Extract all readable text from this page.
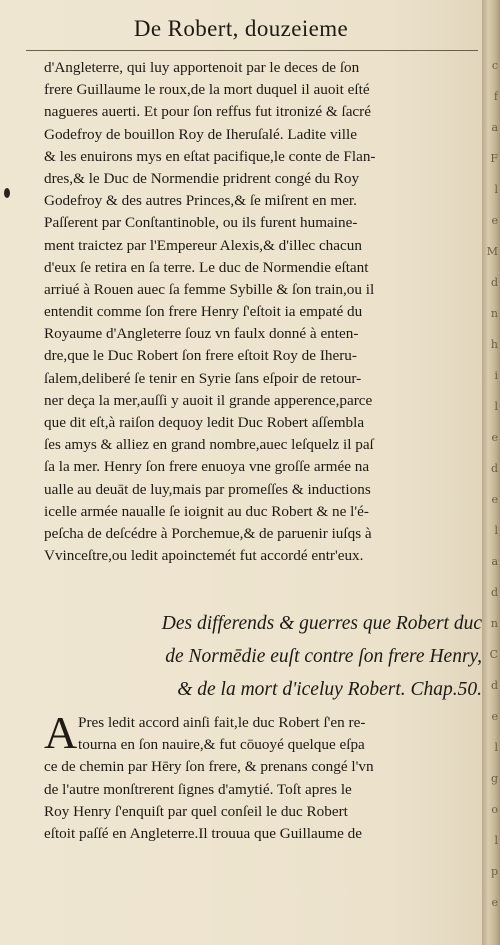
De Robert, douzeieme
d'Angleterre, qui luy apportenoit par le deces de ſon
frere Guillaume le roux,de la mort duquel il auoit eſté
nagueres auerti. Et pour ſon reffus fut itronizé & ſacré
Godefroy de bouillon Roy de Iheruſalé. Ladite ville
& les enuirons mys en eſtat pacifique,le conte de Flan-
dres,& le Duc de Normendie pridrent congé du Roy
Godefroy & des autres Princes,& ſe miſrent en mer.
Paſſerent par Conſtantinoble, ou ils furent humaine-
ment traictez par l'Empereur Alexis,& d'illec chacun
d'eux ſe retira en ſa terre. Le duc de Normendie eſtant
arriué à Rouen auec ſa femme Sybille & ſon train,ou il
entendit comme ſon frere Henry ſ'eſtoit ia empaté du
Royaume d'Angleterre ſouz vn faulx donné à enten-
dre,que le Duc Robert ſon frere eſtoit Roy de Iheru-
ſalem,deliberé ſe tenir en Syrie ſans eſpoir de retour-
ner deça la mer,auſſi y auoit il grande apperence,parce
que dit eſt,à raiſon dequoy ledit Duc Robert aſſembla
ſes amys & alliez en grand nombre,auec leſquelz il paſ
ſa la mer. Henry ſon frere enuoya vne groſſe armée na
ualle au deuāt de luy,mais par promeſſes & inductions
icelle armée naualle ſe ioignit au duc Robert & ne l'é-
peſcha de deſcédre à Porchemue,& de paruenir iuſqs à
Vvinceſtre,ou ledit apoinctemét fut accordé entr'eux.
Des differends & guerres que Robert duc
de Normēdie euſt contre ſon frere Henry,
& de la mort d'iceluy Robert. Chap.50.
A Pres ledit accord ainſi fait,le duc Robert ſ'en re-
tourna en ſon nauire,& fut cōuoyé quelque eſpa
ce de chemin par Hēry ſon frere, & prenans congé l'vn
de l'autre monſtrerent ſignes d'amytié. Toſt apres le
Roy Henry ſ'enquiſt par quel conſeil le duc Robert
eſtoit paſſé en Angleterre.Il trouua que Guillaume de
c
f
a
F
l
e
M
d
n
h
i
l
e
d
e
l
a
d
n
C
d
e
l
g
o
l
p
e
